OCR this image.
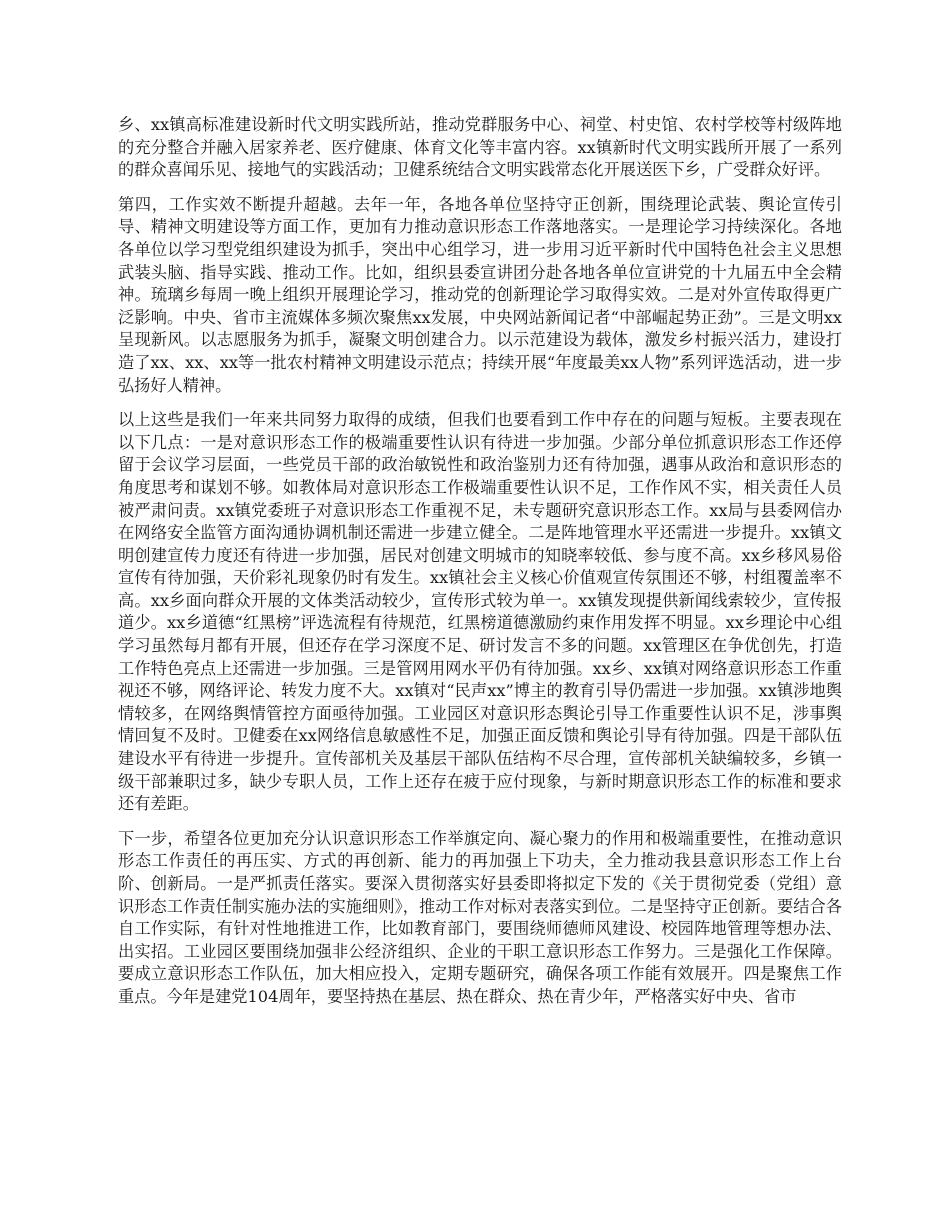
乡、xx镇高标准建设新时代文明实践所站，推动党群服务中心、祠堂、村史馆、农村学校等村级阵地的充分整合并融入居家养老、医疗健康、体育文化等丰富内容。xx镇新时代文明实践所开展了一系列的群众喜闻乐见、接地气的实践活动；卫健系统结合文明实践常态化开展送医下乡，广受群众好评。

第四，工作实效不断提升超越。去年一年，各地各单位坚持守正创新，围绕理论武装、舆论宣传引导、精神文明建设等方面工作，更加有力推动意识形态工作落地落实。一是理论学习持续深化。各地各单位以学习型党组织建设为抓手，突出中心组学习，进一步用习近平新时代中国特色社会主义思想武装头脑、指导实践、推动工作。比如，组织县委宣讲团分赴各地各单位宣讲党的十九届五中全会精神。琉璃乡每周一晚上组织开展理论学习，推动党的创新理论学习取得实效。二是对外宣传取得更广泛影响。中央、省市主流媒体多频次聚焦xx发展，中央网站新闻记者“中部崛起势正劲”。三是文明xx呈现新风。以志愿服务为抓手，凝聚文明创建合力。以示范建设为载体，激发乡村振兴活力，建设打造了xx、xx、xx等一批农村精神文明建设示范点；持续开展“年度最美xx人物”系列评选活动，进一步弘扬好人精神。

以上这些是我们一年来共同努力取得的成绩，但我们也要看到工作中存在的问题与短板。主要表现在以下几点：一是对意识形态工作的极端重要性认识有待进一步加强。少部分单位抓意识形态工作还停留于会议学习层面，一些党员干部的政治敏锐性和政治鉴别力还有待加强，遇事从政治和意识形态的角度思考和谋划不够。如教体局对意识形态工作极端重要性认识不足，工作作风不实，相关责任人员被严肃问责。xx镇党委班子对意识形态工作重视不足，未专题研究意识形态工作。xx局与县委网信办在网络安全监管方面沟通协调机制还需进一步建立健全。二是阵地管理水平还需进一步提升。xx镇文明创建宣传力度还有待进一步加强，居民对创建文明城市的知晓率较低、参与度不高。xx乡移风易俗宣传有待加强，天价彩礼现象仍时有发生。xx镇社会主义核心价值观宣传氛围还不够，村组覆盖率不高。xx乡面向群众开展的文体类活动较少，宣传形式较为单一。xx镇发现提供新闻线索较少，宣传报道少。xx乡道德“红黑榜”评选流程有待规范，红黑榜道德激励约束作用发挥不明显。xx乡理论中心组学习虽然每月都有开展，但还存在学习深度不足、研讨发言不多的问题。xx管理区在争优创先，打造工作特色亮点上还需进一步加强。三是管网用网水平仍有待加强。xx乡、xx镇对网络意识形态工作重视还不够，网络评论、转发力度不大。xx镇对“民声xx”博主的教育引导仍需进一步加强。xx镇涉地舆情较多，在网络舆情管控方面亟待加强。工业园区对意识形态舆论引导工作重要性认识不足，涉事舆情回复不及时。卫健委在xx网络信息敏感性不足，加强正面反馈和舆论引导有待加强。四是干部队伍建设水平有待进一步提升。宣传部机关及基层干部队伍结构不尽合理，宣传部机关缺编较多，乡镇一级干部兼职过多，缺少专职人员，工作上还存在疲于应付现象，与新时期意识形态工作的标准和要求还有差距。

下一步，希望各位更加充分认识意识形态工作举旗定向、凝心聚力的作用和极端重要性，在推动意识形态工作责任的再压实、方式的再创新、能力的再加强上下功夫，全力推动我县意识形态工作上台阶、创新局。一是严抓责任落实。要深入贯彻落实好县委即将拟定下发的《关于贯彻党委（党组）意识形态工作责任制实施办法的实施细则》，推动工作对标对表落实到位。二是坚持守正创新。要结合各自工作实际，有针对性地推进工作，比如教育部门，要围绕师德师风建设、校园阵地管理等想办法、出实招。工业园区要围绕加强非公经济组织、企业的干职工意识形态工作努力。三是强化工作保障。要成立意识形态工作队伍，加大相应投入，定期专题研究，确保各项工作能有效展开。四是聚焦工作重点。今年是建党104周年，要坚持热在基层、热在群众、热在青少年，严格落实好中央、省市
